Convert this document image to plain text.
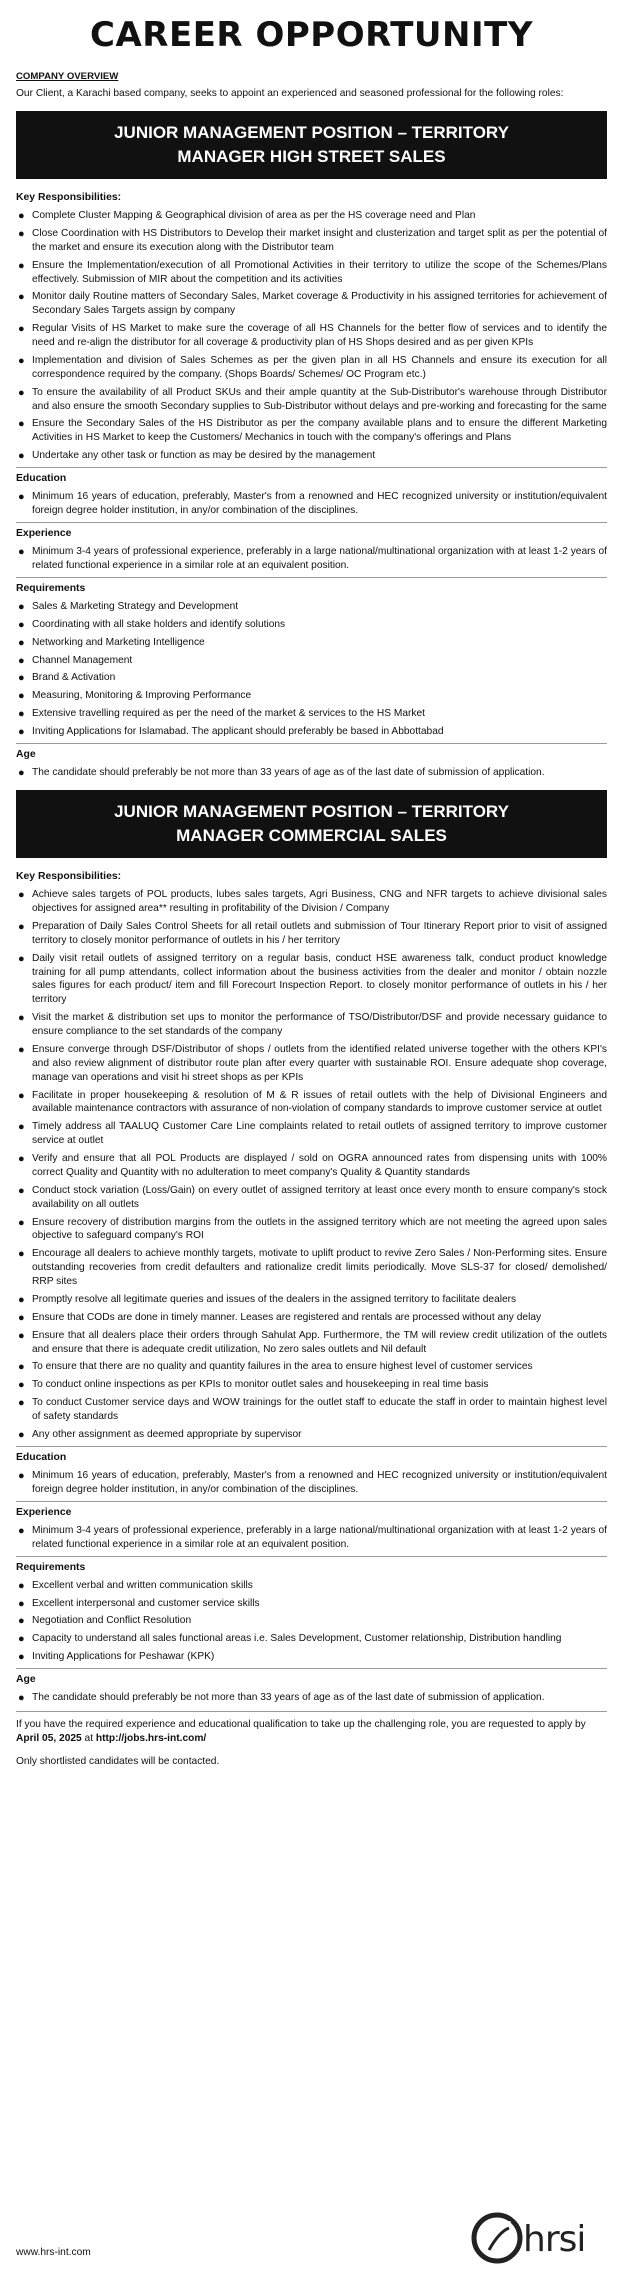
CAREER OPPORTUNITY
COMPANY OVERVIEW
Our Client, a Karachi based company, seeks to appoint an experienced and seasoned professional for the following roles:
JUNIOR MANAGEMENT POSITION – TERRITORY
MANAGER HIGH STREET SALES
Key Responsibilities:
● Complete Cluster Mapping & Geographical division of area as per the HS coverage need and Plan
● Close Coordination with HS Distributors to Develop their market insight and clusterization and target split as per the potential of the market and ensure its execution along with the Distributor team
● Ensure the Implementation/execution of all Promotional Activities in their territory to utilize the scope of the Schemes/Plans effectively. Submission of MIR about the competition and its activities
● Monitor daily Routine matters of Secondary Sales, Market coverage & Productivity in his assigned territories for achievement of Secondary Sales Targets assign by company
● Regular Visits of HS Market to make sure the coverage of all HS Channels for the better flow of services and to identify the need and re-align the distributor for all coverage & productivity plan of HS Shops desired and as per given KPIs
● Implementation and division of Sales Schemes as per the given plan in all HS Channels and ensure its execution for all correspondence required by the company. (Shops Boards/ Schemes/ OC Program etc.)
● To ensure the availability of all Product SKUs and their ample quantity at the Sub-Distributor's warehouse through Distributor and also ensure the smooth Secondary supplies to Sub-Distributor without delays and pre-working and forecasting for the same
● Ensure the Secondary Sales of the HS Distributor as per the company available plans and to ensure the different Marketing Activities in HS Market to keep the Customers/ Mechanics in touch with the company's offerings and Plans
● Undertake any other task or function as may be desired by the management
Education
● Minimum 16 years of education, preferably, Master's from a renowned and HEC recognized university or institution/equivalent foreign degree holder institution, in any/or combination of the disciplines.
Experience
● Minimum 3-4 years of professional experience, preferably in a large national/multinational organization with at least 1-2 years of related functional experience in a similar role at an equivalent position.
Requirements
● Sales & Marketing Strategy and Development
● Coordinating with all stake holders and identify solutions
● Networking and Marketing Intelligence
● Channel Management
● Brand & Activation
● Measuring, Monitoring & Improving Performance
● Extensive travelling required as per the need of the market & services to the HS Market
● Inviting Applications for Islamabad. The applicant should preferably be based in Abbottabad
Age
● The candidate should preferably be not more than 33 years of age as of the last date of submission of application.
JUNIOR MANAGEMENT POSITION – TERRITORY
MANAGER COMMERCIAL SALES
Key Responsibilities:
● Achieve sales targets of POL products, lubes sales targets, Agri Business, CNG and NFR targets to achieve divisional sales objectives for assigned area** resulting in profitability of the Division / Company
● Preparation of Daily Sales Control Sheets for all retail outlets and submission of Tour Itinerary Report prior to visit of assigned territory to closely monitor performance of outlets in his / her territory
● Daily visit retail outlets of assigned territory on a regular basis, conduct HSE awareness talk, conduct product knowledge training for all pump attendants, collect information about the business activities from the dealer and monitor / obtain nozzle sales figures for each product/ item and fill Forecourt Inspection Report. to closely monitor performance of outlets in his / her territory
● Visit the market & distribution set ups to monitor the performance of TSO/Distributor/DSF and provide necessary guidance to ensure compliance to the set standards of the company
● Ensure converge through DSF/Distributor of shops / outlets from the identified related universe together with the others KPI's and also review alignment of distributor route plan after every quarter with sustainable ROI. Ensure adequate shop coverage, manage van operations and visit hi street shops as per KPIs
● Facilitate in proper housekeeping & resolution of M & R issues of retail outlets with the help of Divisional Engineers and available maintenance contractors with assurance of non-violation of company standards to improve customer service at outlet
● Timely address all TAALUQ Customer Care Line complaints related to retail outlets of assigned territory to improve customer service at outlet
● Verify and ensure that all POL Products are displayed / sold on OGRA announced rates from dispensing units with 100% correct Quality and Quantity with no adulteration to meet company's Quality & Quantity standards
● Conduct stock variation (Loss/Gain) on every outlet of assigned territory at least once every month to ensure company's stock availability on all outlets
● Ensure recovery of distribution margins from the outlets in the assigned territory which are not meeting the agreed upon sales objective to safeguard company's ROI
● Encourage all dealers to achieve monthly targets, motivate to uplift product to revive Zero Sales / Non-Performing sites. Ensure outstanding recoveries from credit defaulters and rationalize credit limits periodically. Move SLS-37 for closed/ demolished/ RRP sites
● Promptly resolve all legitimate queries and issues of the dealers in the assigned territory to facilitate dealers
● Ensure that CODs are done in timely manner. Leases are registered and rentals are processed without any delay
● Ensure that all dealers place their orders through Sahulat App. Furthermore, the TM will review credit utilization of the outlets and ensure that there is adequate credit utilization, No zero sales outlets and Nil default
● To ensure that there are no quality and quantity failures in the area to ensure highest level of customer services
● To conduct online inspections as per KPIs to monitor outlet sales and housekeeping in real time basis
● To conduct Customer service days and WOW trainings for the outlet staff to educate the staff in order to maintain highest level of safety standards
● Any other assignment as deemed appropriate by supervisor
Education
● Minimum 16 years of education, preferably, Master's from a renowned and HEC recognized university or institution/equivalent foreign degree holder institution, in any/or combination of the disciplines.
Experience
● Minimum 3-4 years of professional experience, preferably in a large national/multinational organization with at least 1-2 years of related functional experience in a similar role at an equivalent position.
Requirements
● Excellent verbal and written communication skills
● Excellent interpersonal and customer service skills
● Negotiation and Conflict Resolution
● Capacity to understand all sales functional areas i.e. Sales Development, Customer relationship, Distribution handling
● Inviting Applications for Peshawar (KPK)
Age
● The candidate should preferably be not more than 33 years of age as of the last date of submission of application.

If you have the required experience and educational qualification to take up the challenging role, you are requested to apply by April 05, 2025 at http://jobs.hrs-int.com/

Only shortlisted candidates will be contacted.

www.hrs-int.com	hrsi
